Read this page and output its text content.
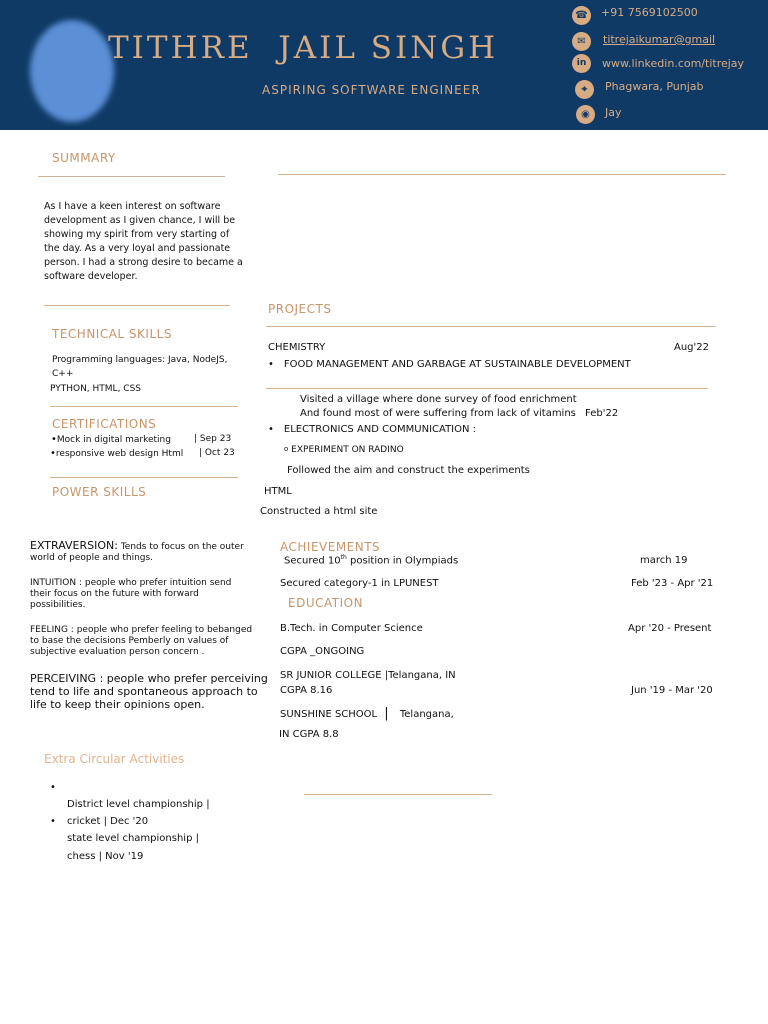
TITHRE  JAIL SINGH
ASPIRING SOFTWARE ENGINEER
☎ +91 7569102500
✉	titrejaikumar@gmail
in	www.linkedin.com/titrejay
⌖	Phagwara, Punjab
◉	Jay
SUMMARY
As I have a keen interest on software
development as I given chance, I will be
showing my spirit from very starting of
the day. As a very loyal and passionate
person. I had a strong desire to became a
software developer.
TECHNICAL SKILLS
Programming languages: Java, NodeJS,
C++
PYTHON, HTML, CSS
CERTIFICATIONS
•Mock in digital marketing	| Sep 23
•responsive web design Html | Oct 23
POWER SKILLS
EXTRAVERSION: Tends to focus on the outer
world of people and things.
INTUITION : people who prefer intuition send
their focus on the future with forward
possibilities.
FEELING : people who prefer feeling to bebanged
to base the decisions Pemberly on values of
subjective evaluation person concern .
PERCEIVING : people who prefer perceiving
tend to life and spontaneous approach to
life to keep their opinions open.
Extra Circular Activities
•
District level championship |
• cricket | Dec '20
state level championship |
chess | Nov '19
PROJECTS
CHEMISTRY	Aug'22
• FOOD MANAGEMENT AND GARBAGE AT SUSTAINABLE DEVELOPMENT
Visited a village where done survey of food enrichment
And found most of were suffering from lack of vitamins Feb'22
• ELECTRONICS AND COMMUNICATION :
$^o$ EXPERIMENT ON RADINO
Followed the aim and construct the experiments
HTML
Constructed a html site
ACHIEVEMENTS
Secured 10th position in Olympiads	march 19
Secured category-1 in LPUNEST	Feb '23 - Apr '21
EDUCATION
B.Tech. in Computer Science	Apr '20 - Present
CGPA _ONGOING
SR JUNIOR COLLEGE |Telangana, IN
CGPA 8.16	Jun '19 - Mar '20
SUNSHINE SCHOOL | Telangana,
IN CGPA 8.8
